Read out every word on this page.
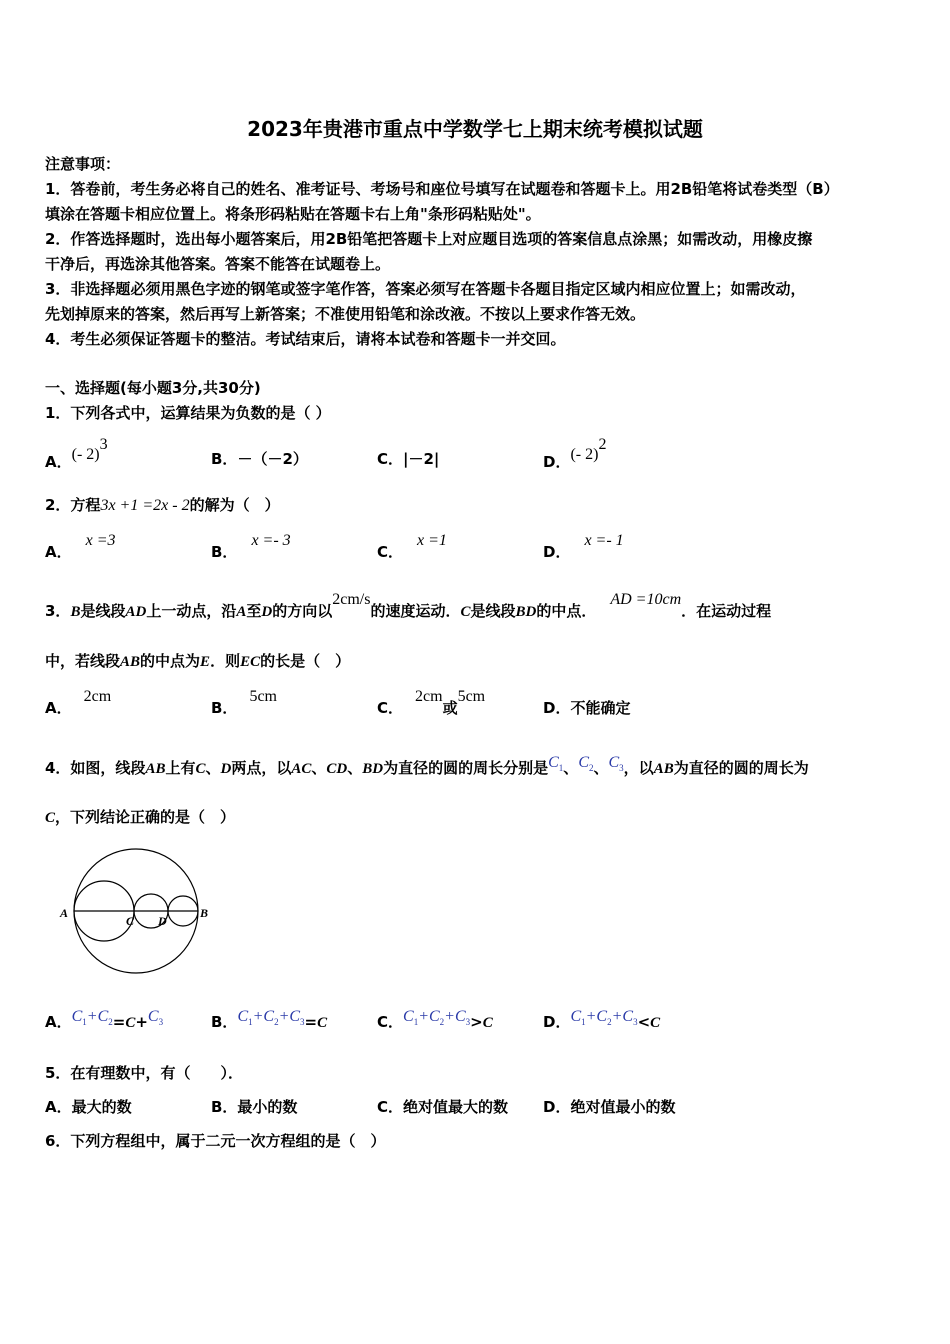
2023年贵港市重点中学数学七上期末统考模拟试题
注意事项：
1．答卷前，考生务必将自己的姓名、准考证号、考场号和座位号填写在试题卷和答题卡上。用2B铅笔将试卷类型（B）
填涂在答题卡相应位置上。将条形码粘贴在答题卡右上角"条形码粘贴处"。
2．作答选择题时，选出每小题答案后，用2B铅笔把答题卡上对应题目选项的答案信息点涂黑；如需改动，用橡皮擦
干净后，再选涂其他答案。答案不能答在试题卷上。
3．非选择题必须用黑色字迹的钢笔或签字笔作答，答案必须写在答题卡各题目指定区域内相应位置上；如需改动，
先划掉原来的答案，然后再写上新答案；不准使用铅笔和涂改液。不按以上要求作答无效。
4．考生必须保证答题卡的整洁。考试结束后，请将本试卷和答题卡一并交回。
一、选择题(每小题3分,共30分)
1．下列各式中，运算结果为负数的是（ ）
A．(- 2)$^3$
B．－（－2）	C．|－2|	D．(- 2)$^2$
2．方程3x +1 =2x - 2的解为（　）
A．x =3
B．x =- 3
C．x =1
D．x =- 1
3．B是线段AD上一动点，沿A至D的方向以2cm/s的速度运动．C是线段BD的中点．AD =10cm．在运动过程
中，若线段AB的中点为E．则EC的长是（　）
A．2cm
B．5cm
C．2cm或5cm
D．不能确定
4．如图，线段AB上有C、D两点，以AC、CD、BD为直径的圆的周长分别是$C_1$、$C_2$、$C_3$，以AB为直径的圆的周长为
C，下列结论正确的是（　）
A
C D
B
A．$C_1+C_2=C+C_3$	B．$C_1+C_2+C_3=C$	C．$C_1+C_2+C_3>C$	D．$C_1+C_2+C_3<C$
5．在有理数中，有（　　）．
A．最大的数	B．最小的数	C．绝对值最大的数 D．绝对值最小的数
6．下列方程组中，属于二元一次方程组的是（　）
